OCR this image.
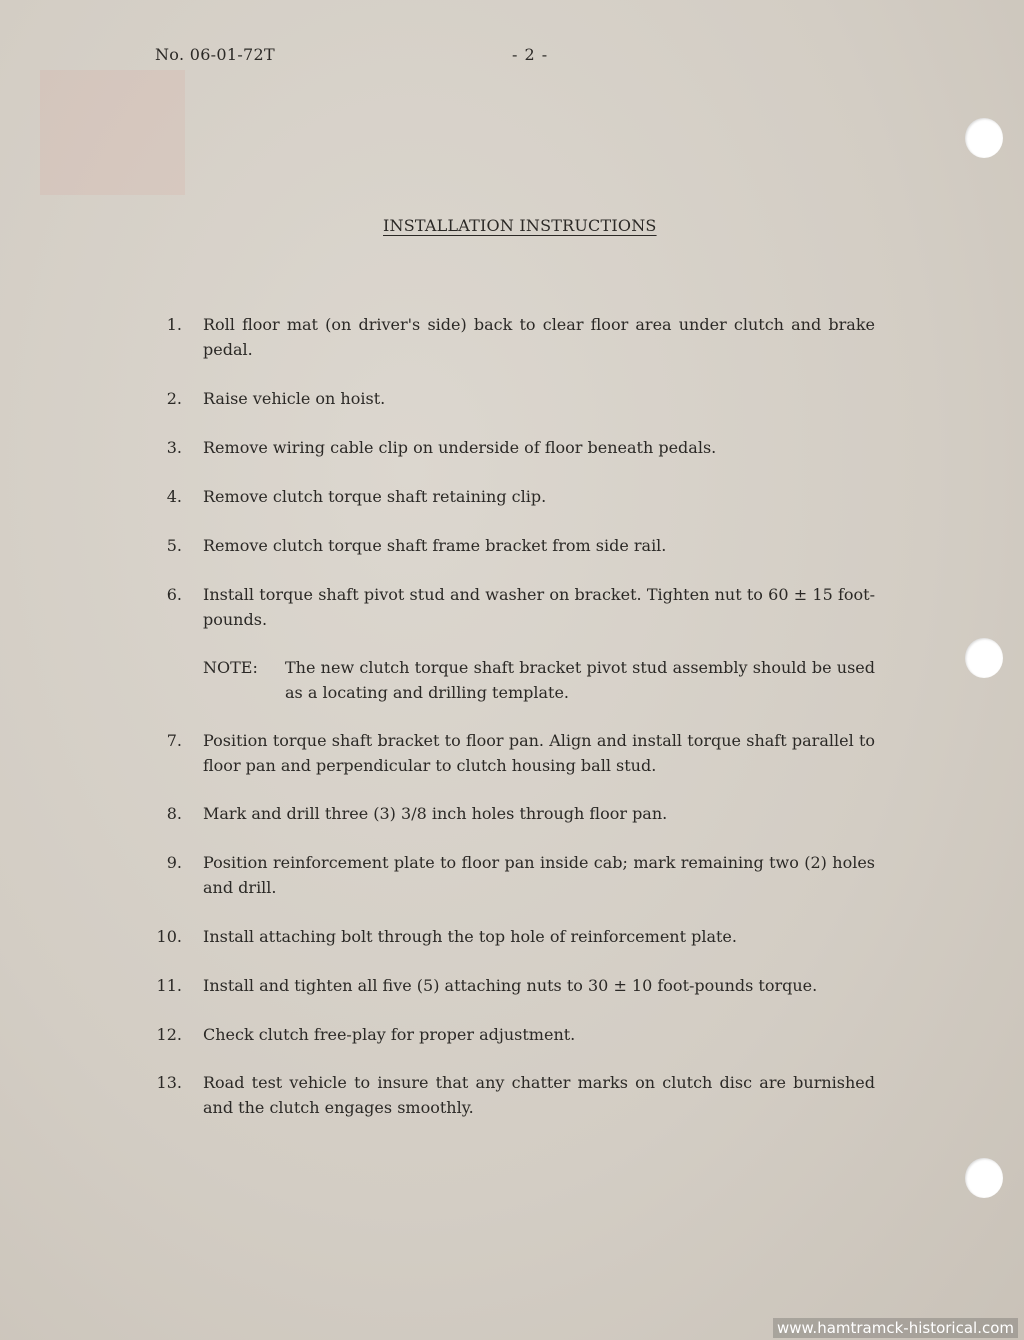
No. 06-01-72T	- 2 -
INSTALLATION INSTRUCTIONS
1. Roll floor mat (on driver's side) back to clear floor area under clutch and brake pedal.
2. Raise vehicle on hoist.
3. Remove wiring cable clip on underside of floor beneath pedals.
4. Remove clutch torque shaft retaining clip.
5. Remove clutch torque shaft frame bracket from side rail.
6. Install torque shaft pivot stud and washer on bracket. Tighten nut to 60 ± 15 foot-pounds.
NOTE: The new clutch torque shaft bracket pivot stud assembly should be used as a locating and drilling template.
7. Position torque shaft bracket to floor pan. Align and install torque shaft parallel to floor pan and perpendicular to clutch housing ball stud.
8. Mark and drill three (3) 3/8 inch holes through floor pan.
9. Position reinforcement plate to floor pan inside cab; mark remaining two (2) holes and drill.
10. Install attaching bolt through the top hole of reinforcement plate.
11. Install and tighten all five (5) attaching nuts to 30 ± 10 foot-pounds torque.
12. Check clutch free-play for proper adjustment.
13. Road test vehicle to insure that any chatter marks on clutch disc are burnished and the clutch engages smoothly.
www.hamtramck-historical.com
